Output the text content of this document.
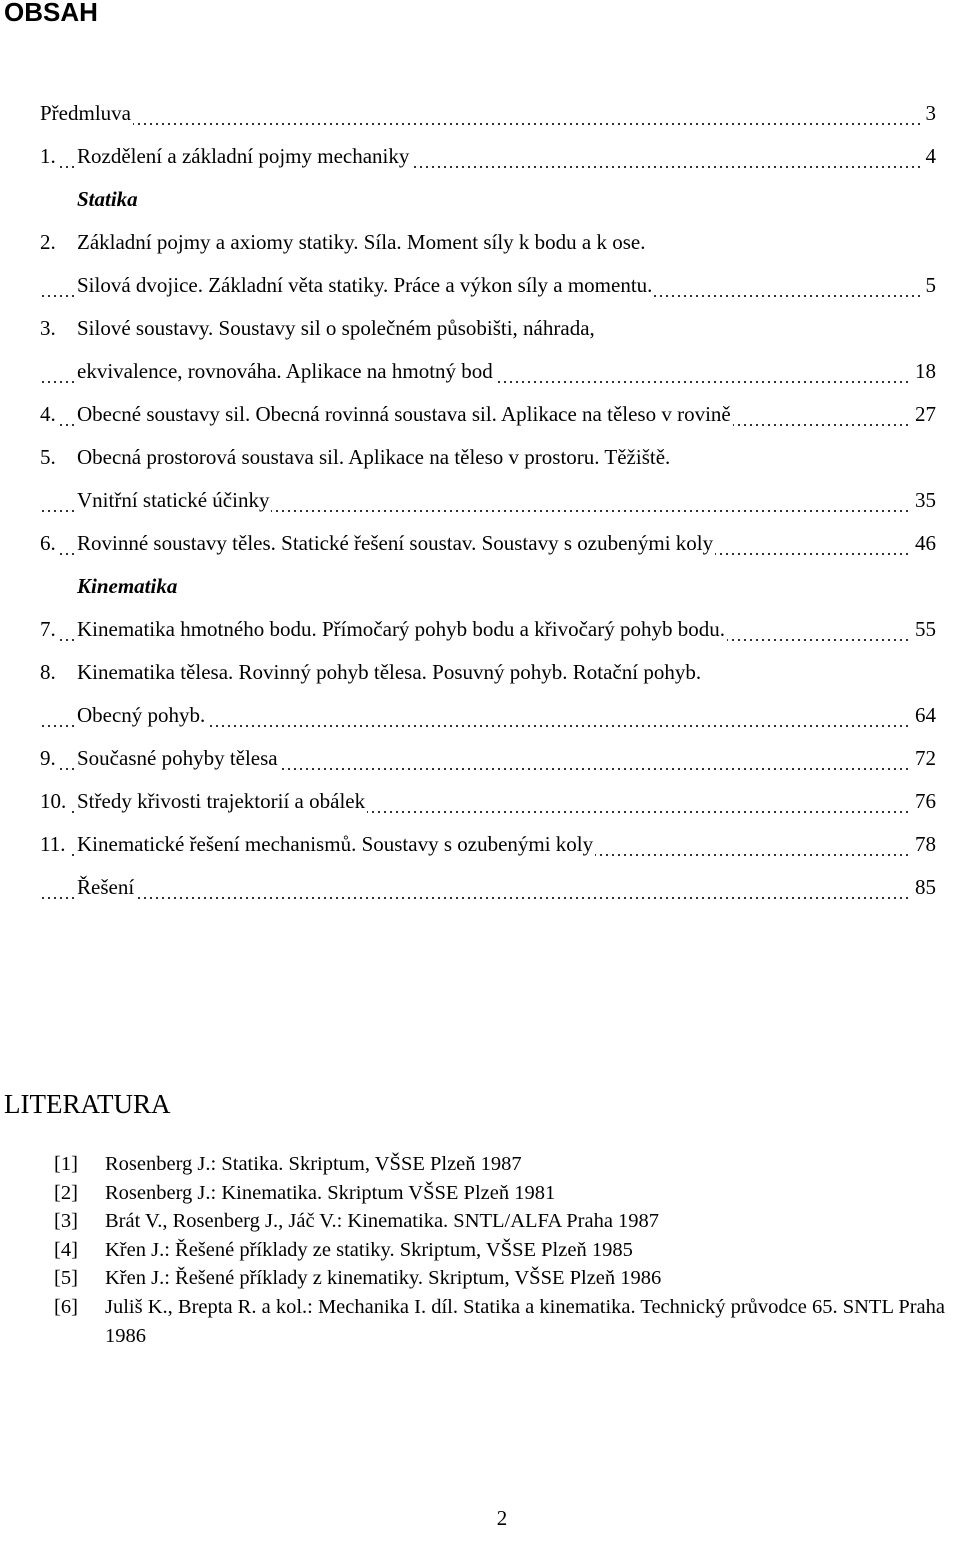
OBSAH
Předmluva	3
1. Rozdělení a základní pojmy mechaniky	4
Statika
2. Základní pojmy a axiomy statiky. Síla. Moment síly k bodu a k ose.
Silová dvojice. Základní věta statiky. Práce a výkon síly a momentu.	5
3. Silové soustavy. Soustavy sil o společném působišti, náhrada,
ekvivalence, rovnováha. Aplikace na hmotný bod	18
4. Obecné soustavy sil. Obecná rovinná soustava sil. Aplikace na těleso v rovině	27
5. Obecná prostorová soustava sil. Aplikace na těleso v prostoru. Těžiště.
Vnitřní statické účinky	35
6. Rovinné soustavy těles. Statické řešení soustav. Soustavy s ozubenými koly	46
Kinematika
7. Kinematika hmotného bodu. Přímočarý pohyb bodu a křivočarý pohyb bodu.	55
8. Kinematika tělesa. Rovinný pohyb tělesa. Posuvný pohyb. Rotační pohyb.
Obecný pohyb.	64
9. Současné pohyby tělesa	72
10. Středy křivosti trajektorií a obálek	76
11. Kinematické řešení mechanismů. Soustavy s ozubenými koly	78
Řešení	85
LITERATURA
[1] Rosenberg J.: Statika. Skriptum, VŠSE Plzeň 1987
[2] Rosenberg J.: Kinematika. Skriptum VŠSE Plzeň 1981
[3] Brát V., Rosenberg J., Jáč V.: Kinematika. SNTL/ALFA Praha 1987
[4] Křen J.: Řešené příklady ze statiky. Skriptum, VŠSE Plzeň 1985
[5] Křen J.: Řešené příklady z kinematiky. Skriptum, VŠSE Plzeň 1986
[6] Juliš K., Brepta R. a kol.: Mechanika I. díl. Statika a kinematika. Technický průvodce 65. SNTL Praha 1986
2
